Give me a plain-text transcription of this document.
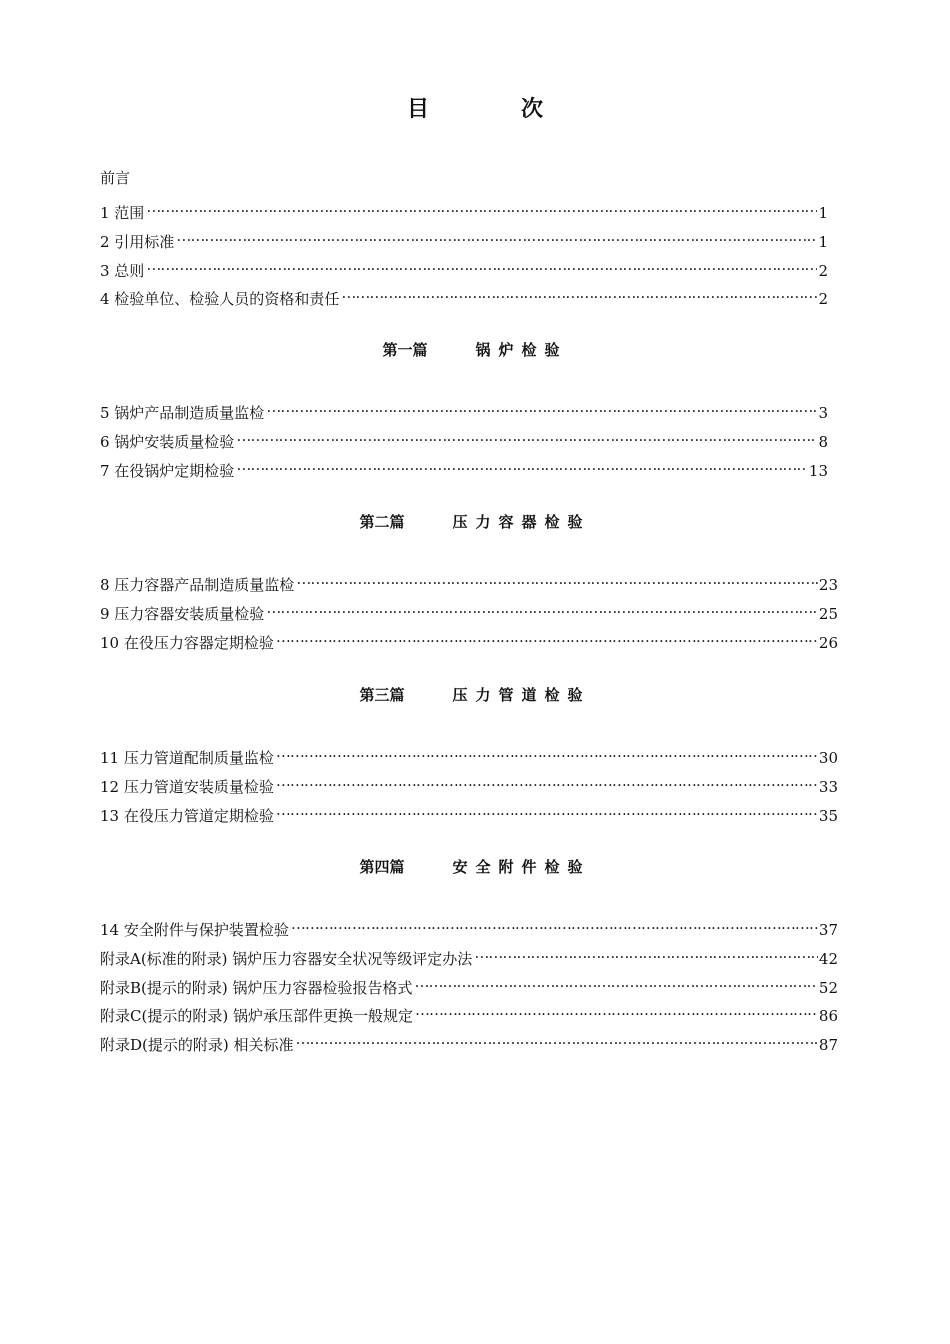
目	次
前言
1 范围 …………………………………………………………………………………………………………………………………………………………………………………………………………………………………	1
2 引用标准 …………………………………………………………………………………………………………………………………………………………………………………………………………………………………	1
3 总则 …………………………………………………………………………………………………………………………………………………………………………………………………………………………………	2
4 检验单位、检验人员的资格和责任 …………………………………………………………………………………………………………………………………………………………………………………………………………………………………	2
第一篇	锅炉检验
5 锅炉产品制造质量监检 …………………………………………………………………………………………………………………………………………………………………………………………………………………………………	3
6 锅炉安装质量检验 …………………………………………………………………………………………………………………………………………………………………………………………………………………………………	8
7 在役锅炉定期检验 …………………………………………………………………………………………………………………………………………………………………………………………………………………………………	13
第二篇	压力容器检验
8 压力容器产品制造质量监检 …………………………………………………………………………………………………………………………………………………………………………………………………………………………………	23
9 压力容器安装质量检验 …………………………………………………………………………………………………………………………………………………………………………………………………………………………………	25
10 在役压力容器定期检验 …………………………………………………………………………………………………………………………………………………………………………………………………………………………………	26
第三篇	压力管道检验
11 压力管道配制质量监检 …………………………………………………………………………………………………………………………………………………………………………………………………………………………………	30
12 压力管道安装质量检验 …………………………………………………………………………………………………………………………………………………………………………………………………………………………………	33
13 在役压力管道定期检验 …………………………………………………………………………………………………………………………………………………………………………………………………………………………………	35
第四篇	安全附件检验
14 安全附件与保护装置检验 …………………………………………………………………………………………………………………………………………………………………………………………………………………………………	37
附录A(标准的附录) 锅炉压力容器安全状况等级评定办法 …………………………………………………………………………………………………………………………………………………………………………………………………………………………………	42
附录B(提示的附录) 锅炉压力容器检验报告格式 …………………………………………………………………………………………………………………………………………………………………………………………………………………………………	52
附录C(提示的附录) 锅炉承压部件更换一般规定 …………………………………………………………………………………………………………………………………………………………………………………………………………………………………	86
附录D(提示的附录) 相关标准 …………………………………………………………………………………………………………………………………………………………………………………………………………………………………	87
